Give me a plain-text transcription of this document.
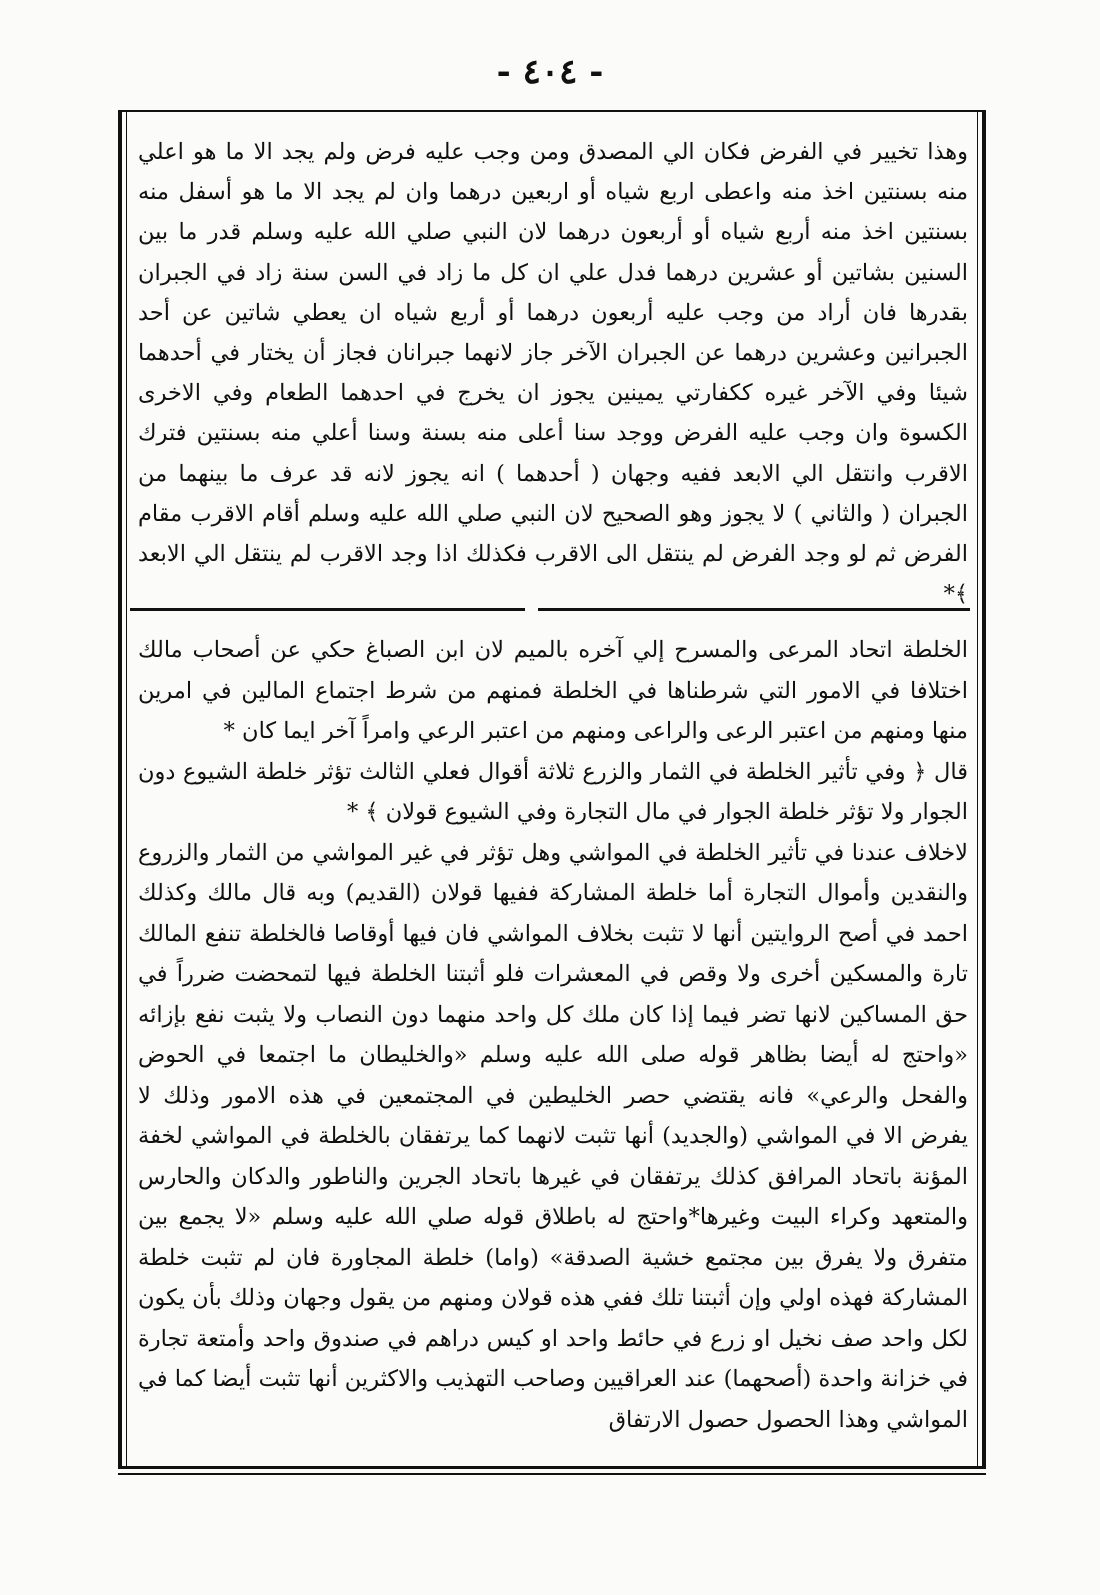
- ٤٠٤ -

وهذا تخيير في الفرض فكان الي المصدق ومن وجب عليه فرض ولم يجد الا ما هو اعلي منه بسنتين اخذ منه واعطى اربع شياه أو اربعين درهما وان لم يجد الا ما هو أسفل منه بسنتين اخذ منه أربع شياه أو أربعون درهما لان النبي صلي الله عليه وسلم قدر ما بين السنين بشاتين أو عشرين درهما فدل علي ان كل ما زاد في السن سنة زاد في الجبران بقدرها فان أراد من وجب عليه أربعون درهما أو أربع شياه ان يعطي شاتين عن أحد الجبرانين وعشرين درهما عن الجبران الآخر جاز لانهما جبرانان فجاز أن يختار في أحدهما شيئا وفي الآخر غيره ككفارتي يمينين يجوز ان يخرج في احدهما الطعام وفي الاخرى الكسوة وان وجب عليه الفرض ووجد سنا أعلى منه بسنة وسنا أعلي منه بسنتين فترك الاقرب وانتقل الي الابعد ففيه وجهان ( أحدهما ) انه يجوز لانه قد عرف ما بينهما من الجبران ( والثاني ) لا يجوز وهو الصحيح لان النبي صلي الله عليه وسلم أقام الاقرب مقام الفرض ثم لو وجد الفرض لم ينتقل الى الاقرب فكذلك اذا وجد الاقرب لم ينتقل الي الابعد ﴾*

الخلطة اتحاد المرعى والمسرح إلي آخره بالميم لان ابن الصباغ حكي عن أصحاب مالك اختلافا في الامور التي شرطناها في الخلطة فمنهم من شرط اجتماع المالين في امرين منها ومنهم من اعتبر الرعى والراعى ومنهم من اعتبر الرعي وامراً آخر ايما كان *

قال ﴿ وفي تأثير الخلطة في الثمار والزرع ثلاثة أقوال فعلي الثالث تؤثر خلطة الشيوع دون الجوار ولا تؤثر خلطة الجوار في مال التجارة وفي الشيوع قولان ﴾ *

لاخلاف عندنا في تأثير الخلطة في المواشي وهل تؤثر في غير المواشي من الثمار والزروع والنقدين وأموال التجارة أما خلطة المشاركة ففيها قولان (القديم) وبه قال مالك وكذلك احمد في أصح الروايتين أنها لا تثبت بخلاف المواشي فان فيها أوقاصا فالخلطة تنفع المالك تارة والمسكين أخرى ولا وقص في المعشرات فلو أثبتنا الخلطة فيها لتمحضت ضرراً في حق المساكين لانها تضر فيما إذا كان ملك كل واحد منهما دون النصاب ولا يثبت نفع بإزائه «واحتج له أيضا بظاهر قوله صلى الله عليه وسلم «والخليطان ما اجتمعا في الحوض والفحل والرعي» فانه يقتضي حصر الخليطين في المجتمعين في هذه الامور وذلك لا يفرض الا في المواشي (والجديد) أنها تثبت لانهما كما يرتفقان بالخلطة في المواشي لخفة المؤنة باتحاد المرافق كذلك يرتفقان في غيرها باتحاد الجرين والناطور والدكان والحارس والمتعهد وكراء البيت وغيرها*واحتج له باطلاق قوله صلي الله عليه وسلم «لا يجمع بين متفرق ولا يفرق بين مجتمع خشية الصدقة» (واما) خلطة المجاورة فان لم تثبت خلطة المشاركة فهذه اولي وإن أثبتنا تلك ففي هذه قولان ومنهم من يقول وجهان وذلك بأن يكون لكل واحد صف نخيل او زرع في حائط واحد او كيس دراهم في صندوق واحد وأمتعة تجارة في خزانة واحدة (أصحهما) عند العراقيين وصاحب التهذيب والاكثرين أنها تثبت أيضا كما في المواشي وهذا الحصول حصول الارتفاق
